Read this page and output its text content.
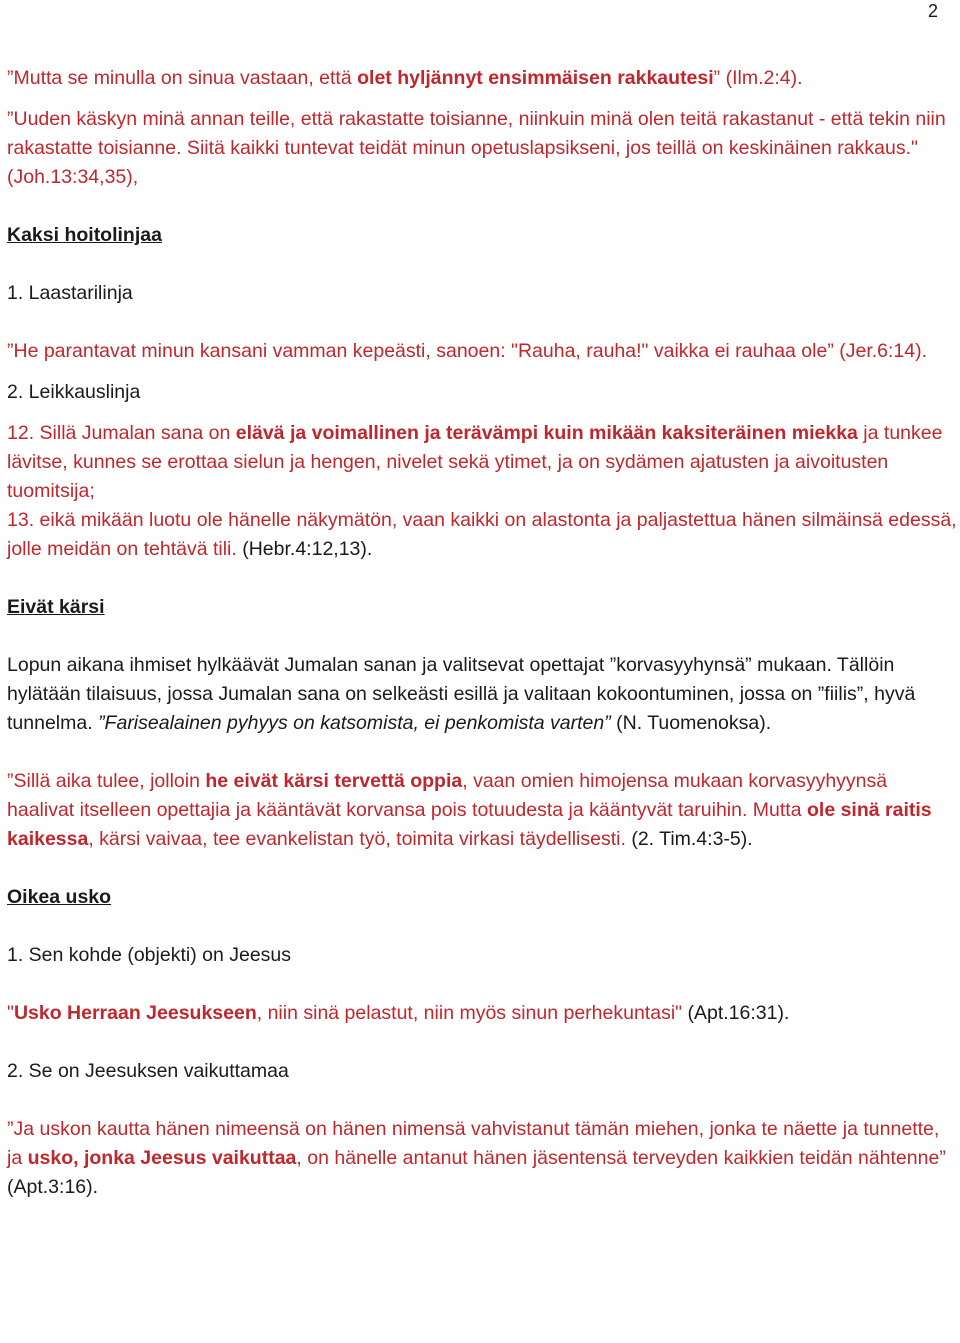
2

”Mutta se minulla on sinua vastaan, että olet hyljännyt ensimmäisen rakkautesi” (Ilm.2:4).

”Uuden käskyn minä annan teille, että rakastatte toisianne, niinkuin minä olen teitä rakastanut - että tekin niin rakastatte toisianne. Siitä kaikki tuntevat teidät minun opetuslapsikseni, jos teillä on keskinäinen rakkaus." (Joh.13:34,35),

Kaksi hoitolinjaa

1. Laastarilinja

”He parantavat minun kansani vamman kepeästi, sanoen: "Rauha, rauha!" vaikka ei rauhaa ole” (Jer.6:14).

2. Leikkauslinja

12. Sillä Jumalan sana on elävä ja voimallinen ja terävämpi kuin mikään kaksiteräinen miekka ja tunkee lävitse, kunnes se erottaa sielun ja hengen, nivelet sekä ytimet, ja on sydämen ajatusten ja aivoitusten tuomitsija;

13. eikä mikään luotu ole hänelle näkymätön, vaan kaikki on alastonta ja paljastettua hänen silmäinsä edessä, jolle meidän on tehtävä tili. (Hebr.4:12,13).

Eivät kärsi

Lopun aikana ihmiset hylkäävät Jumalan sanan ja valitsevat opettajat ”korvasyyhynsä” mukaan. Tällöin hylätään tilaisuus, jossa Jumalan sana on selkeästi esillä ja valitaan kokoontuminen, jossa on ”fiilis”, hyvä tunnelma. ”Farisealainen pyhyys on katsomista, ei penkomista varten” (N. Tuomenoksa).

”Sillä aika tulee, jolloin he eivät kärsi tervettä oppia, vaan omien himojensa mukaan korvasyyhyynsä haalivat itselleen opettajia ja kääntävät korvansa pois totuudesta ja kääntyvät taruihin. Mutta ole sinä raitis kaikessa, kärsi vaivaa, tee evankelistan työ, toimita virkasi täydellisesti. (2. Tim.4:3-5).

Oikea usko

1. Sen kohde (objekti) on Jeesus

"Usko Herraan Jeesukseen, niin sinä pelastut, niin myös sinun perhekuntasi" (Apt.16:31).

2. Se on Jeesuksen vaikuttamaa

”Ja uskon kautta hänen nimeensä on hänen nimensä vahvistanut tämän miehen, jonka te näette ja tunnette, ja usko, jonka Jeesus vaikuttaa, on hänelle antanut hänen jäsentensä terveyden kaikkien teidän nähtenne” (Apt.3:16).
